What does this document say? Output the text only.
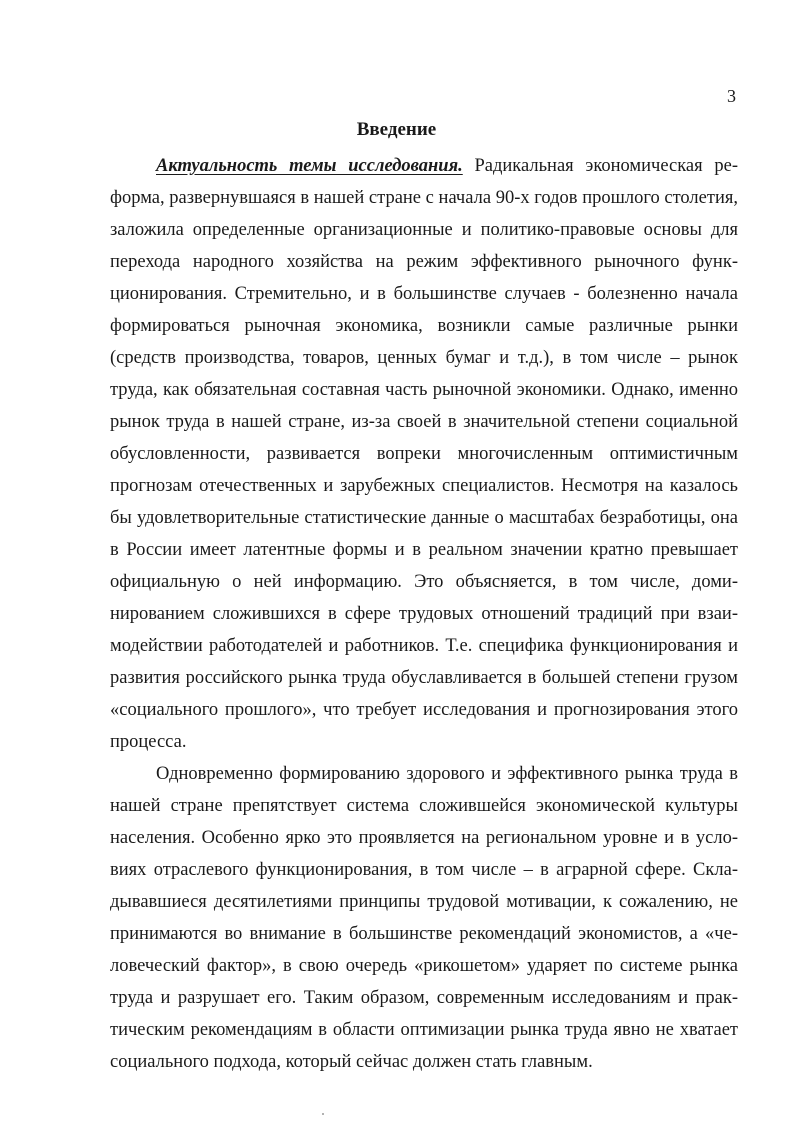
3
Введение

Актуальность темы исследования. Радикальная экономическая реформа, развернувшаяся в нашей стране с начала 90-х годов прошлого столетия, заложила определенные организационные и политико-правовые основы для перехода народного хозяйства на режим эффективного рыночного функционирования. Стремительно, и в большинстве случаев - болезненно начала формироваться рыночная экономика, возникли самые различные рынки (средств производства, товаров, ценных бумаг и т.д.), в том числе – рынок труда, как обязательная составная часть рыночной экономики. Однако, именно рынок труда в нашей стране, из-за своей в значительной степени социальной обусловленности, развивается вопреки многочисленным оптимистичным прогнозам отечественных и зарубежных специалистов. Несмотря на казалось бы удовлетворительные статистические данные о масштабах безработицы, она в России имеет латентные формы и в реальном значении кратно превышает официальную о ней информацию. Это объясняется, в том числе, доминированием сложившихся в сфере трудовых отношений традиций при взаимодействии работодателей и работников. Т.е. специфика функционирования и развития российского рынка труда обуславливается в большей степени грузом «социального прошлого», что требует исследования и прогнозирования этого процесса.

Одновременно формированию здорового и эффективного рынка труда в нашей стране препятствует система сложившейся экономической культуры населения. Особенно ярко это проявляется на региональном уровне и в условиях отраслевого функционирования, в том числе – в аграрной сфере. Складывавшиеся десятилетиями принципы трудовой мотивации, к сожалению, не принимаются во внимание в большинстве рекомендаций экономистов, а «человеческий фактор», в свою очередь «рикошетом» ударяет по системе рынка труда и разрушает его. Таким образом, современным исследованиям и практическим рекомендациям в области оптимизации рынка труда явно не хватает социального подхода, который сейчас должен стать главным.
